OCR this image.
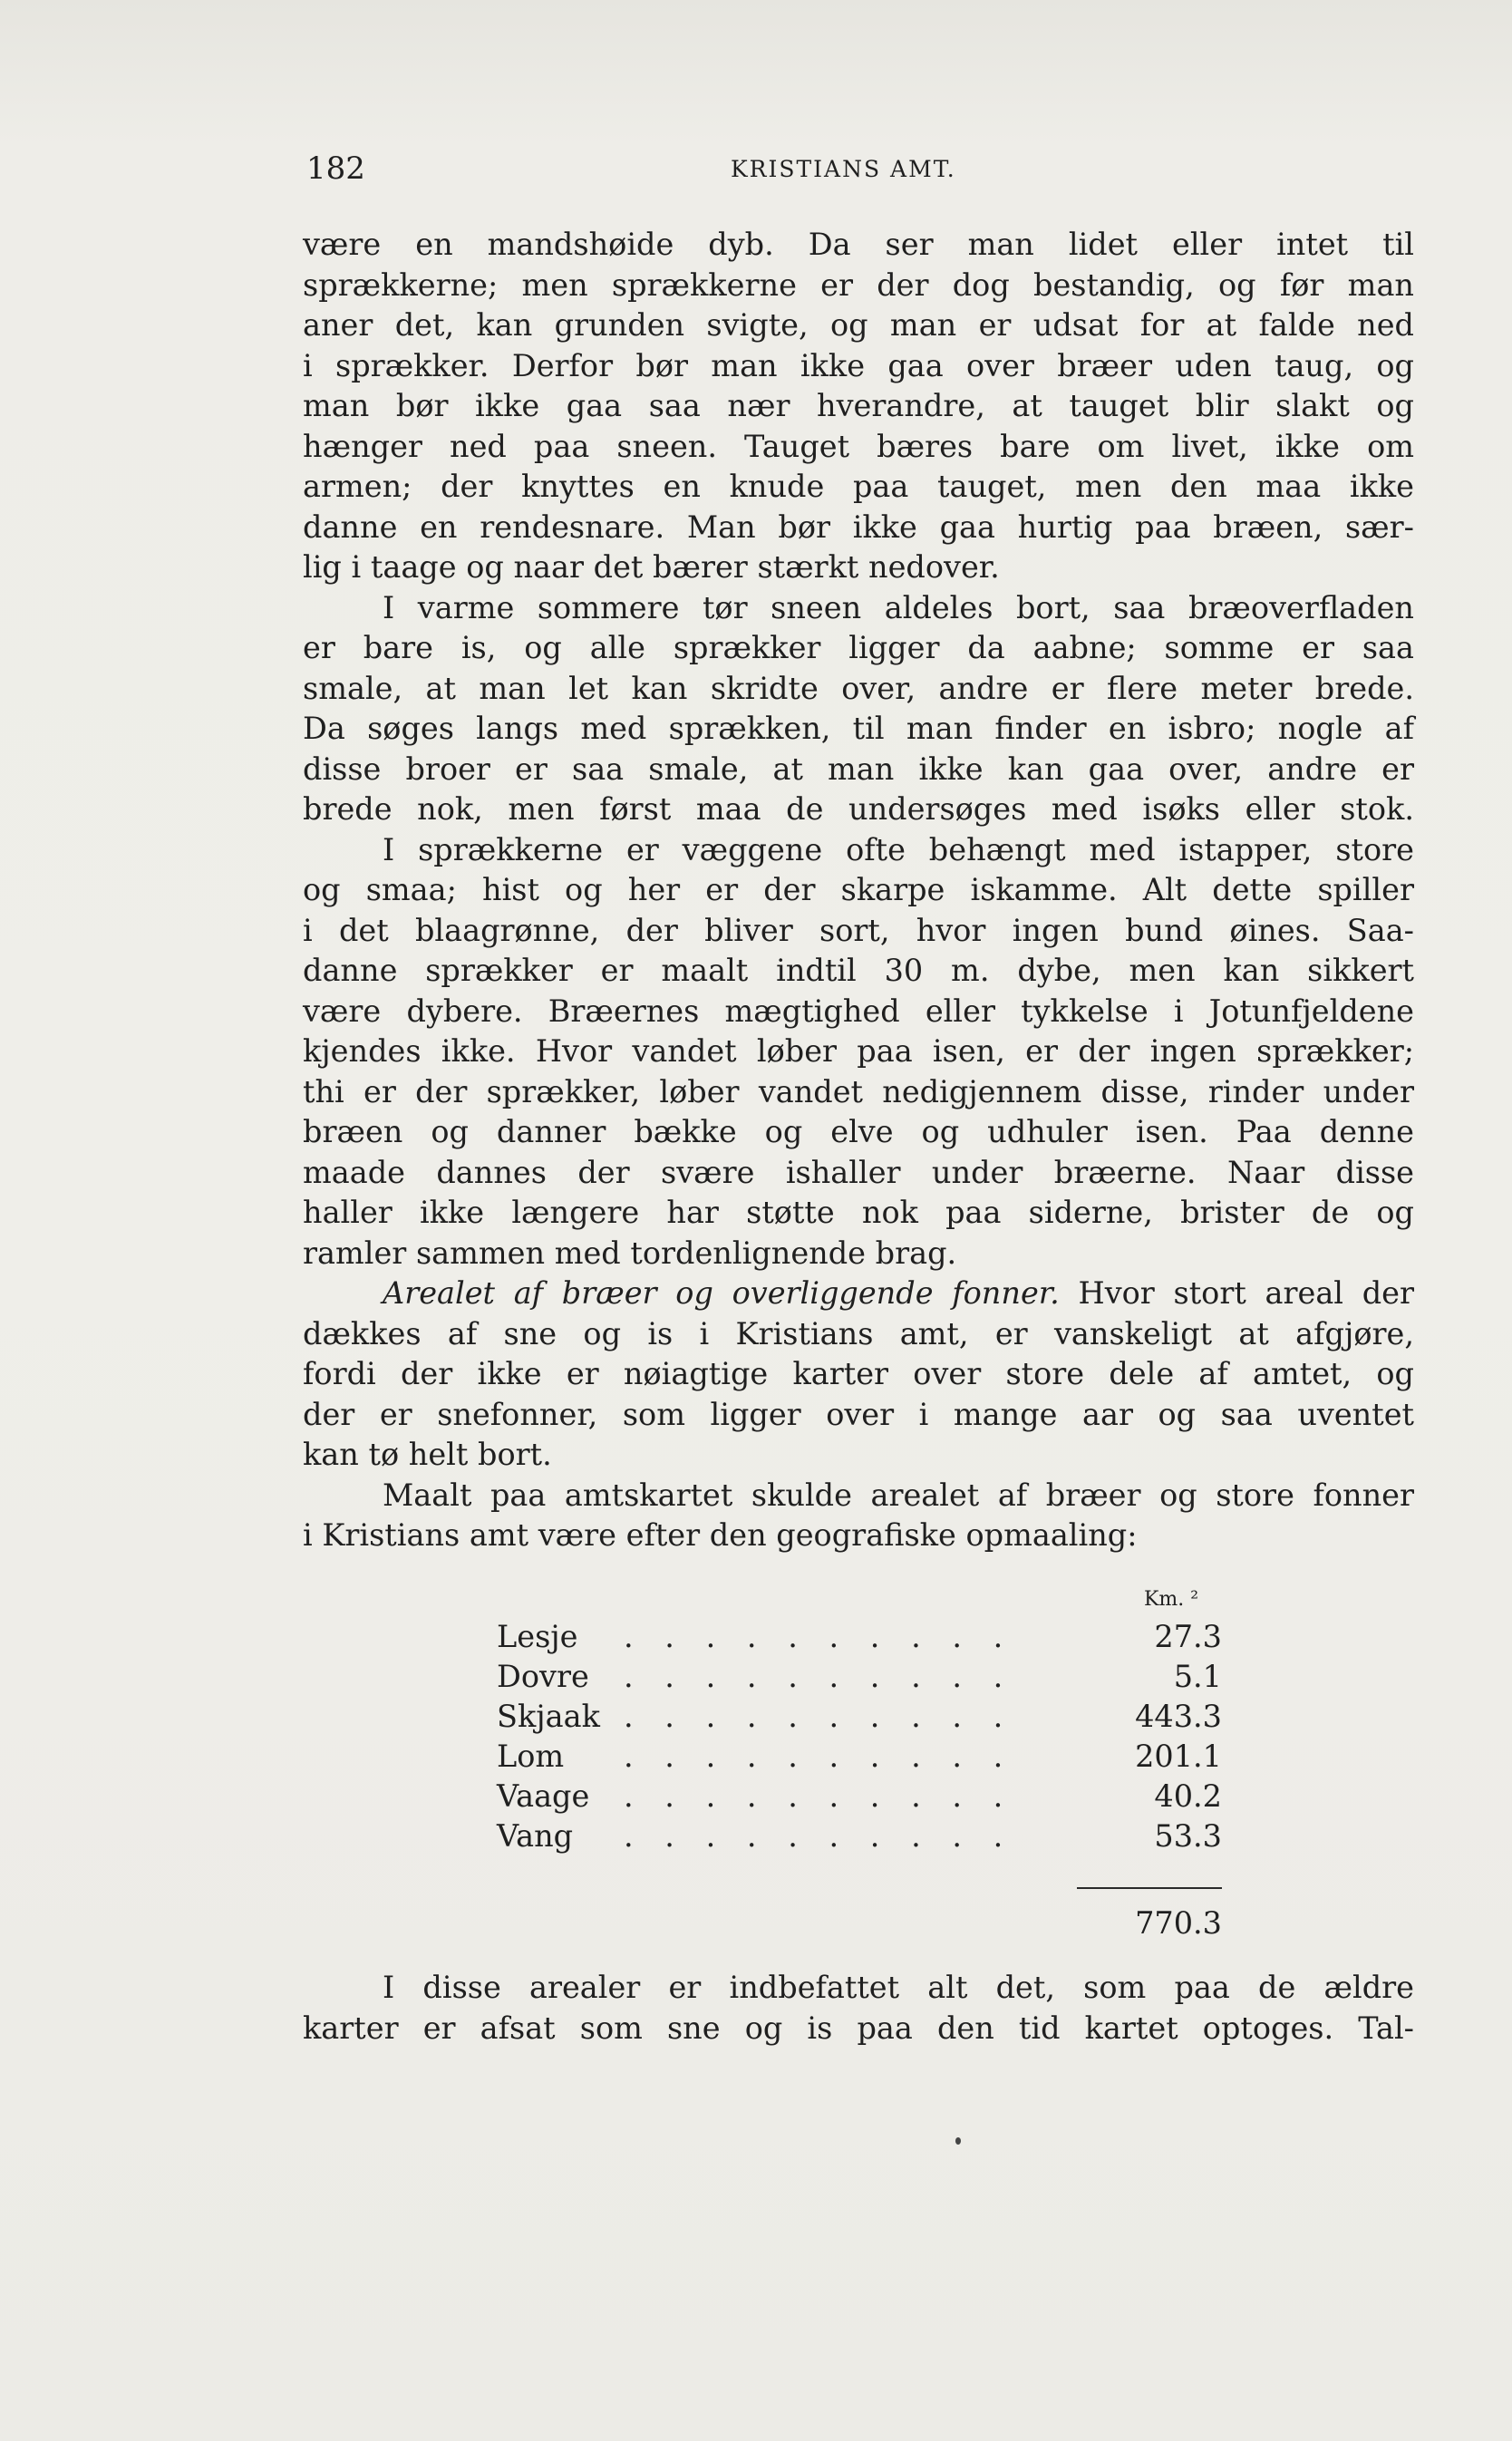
182	KRISTIANS AMT.

være en mandshøide dyb. Da ser man lidet eller intet til
sprækkerne; men sprækkerne er der dog bestandig, og før man
aner det, kan grunden svigte, og man er udsat for at falde ned
i sprækker. Derfor bør man ikke gaa over bræer uden taug, og
man bør ikke gaa saa nær hverandre, at tauget blir slakt og
hænger ned paa sneen. Tauget bæres bare om livet, ikke om
armen; der knyttes en knude paa tauget, men den maa ikke
danne en rendesnare. Man bør ikke gaa hurtig paa bræen, sær-
lig i taage og naar det bærer stærkt nedover.

I varme sommere tør sneen aldeles bort, saa bræoverfladen
er bare is, og alle sprækker ligger da aabne; somme er saa
smale, at man let kan skridte over, andre er flere meter brede.
Da søges langs med sprækken, til man finder en isbro; nogle af
disse broer er saa smale, at man ikke kan gaa over, andre er
brede nok, men først maa de undersøges med isøks eller stok.

I sprækkerne er væggene ofte behængt med istapper, store
og smaa; hist og her er der skarpe iskamme. Alt dette spiller
i det blaagrønne, der bliver sort, hvor ingen bund øines. Saa-
danne sprækker er maalt indtil 30 m. dybe, men kan sikkert
være dybere. Bræernes mægtighed eller tykkelse i Jotunfjeldene
kjendes ikke. Hvor vandet løber paa isen, er der ingen sprækker;
thi er der sprækker, løber vandet nedigjennem disse, rinder under
bræen og danner bække og elve og udhuler isen. Paa denne
maade dannes der svære ishaller under bræerne. Naar disse
haller ikke længere har støtte nok paa siderne, brister de og
ramler sammen med tordenlignende brag.

Arealet af bræer og overliggende fonner. Hvor stort areal der
dækkes af sne og is i Kristians amt, er vanskeligt at afgjøre,
fordi der ikke er nøiagtige karter over store dele af amtet, og
der er snefonner, som ligger over i mange aar og saa uventet
kan tø helt bort.

Maalt paa amtskartet skulde arealet af bræer og store fonner
i Kristians amt være efter den geografiske opmaaling:

Km. ²
Lesje . . . . . . . . . .	27.3
Dovre . . . . . . . . . .	5.1
Skjaak . . . . . . . . . .	443.3
Lom . . . . . . . . . .	201.1
Vaage . . . . . . . . . .	40.2
Vang . . . . . . . . . .	53.3
770.3
I disse arealer er indbefattet alt det, som paa de ældre
karter er afsat som sne og is paa den tid kartet optoges. Tal-
